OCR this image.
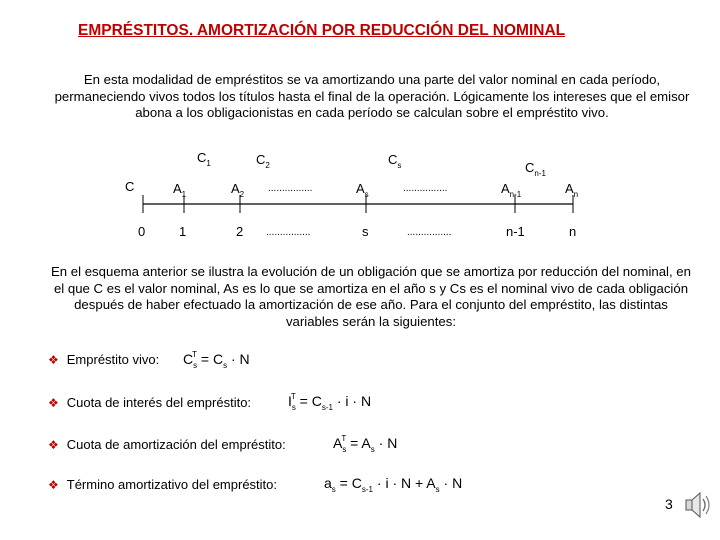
EMPRÉSTITOS. AMORTIZACIÓN POR REDUCCIÓN DEL NOMINAL
En esta modalidad de empréstitos se va amortizando una parte del valor nominal en cada período, permaneciendo vivos todos los títulos hasta el final de la operación. Lógicamente los intereses que el emisor abona a los obligacionistas en cada período se calculan sobre el empréstito vivo.
$C_1$	$C_2$	$C_s$	$C_{n-1}$
C	$A_1$	$A_2$	$A_s$	$A_{n-1}$	$A_n$
................	................
0	1	2	s	n-1	n
................	................
En el esquema anterior se ilustra la evolución de un obligación que se amortiza por reducción del nominal, en el que C es el valor nominal, As es lo que se amortiza en el año s y Cs es el nominal vivo de cada obligación después de haber efectuado la amortización de ese año. Para el conjunto del empréstito, las distintas variables serán la siguientes:
❖ Empréstito vivo: $C_s^T = C_s \cdot N$
❖ Cuota de interés del empréstito:	$I_s^T = C_{s-1} \cdot i \cdot N$
❖ Cuota de amortización del empréstito:	$A_s^T = A_s \cdot N$
❖ Término amortizativo del empréstito:	$a_s = C_{s-1} \cdot i \cdot N + A_s \cdot N$
3
